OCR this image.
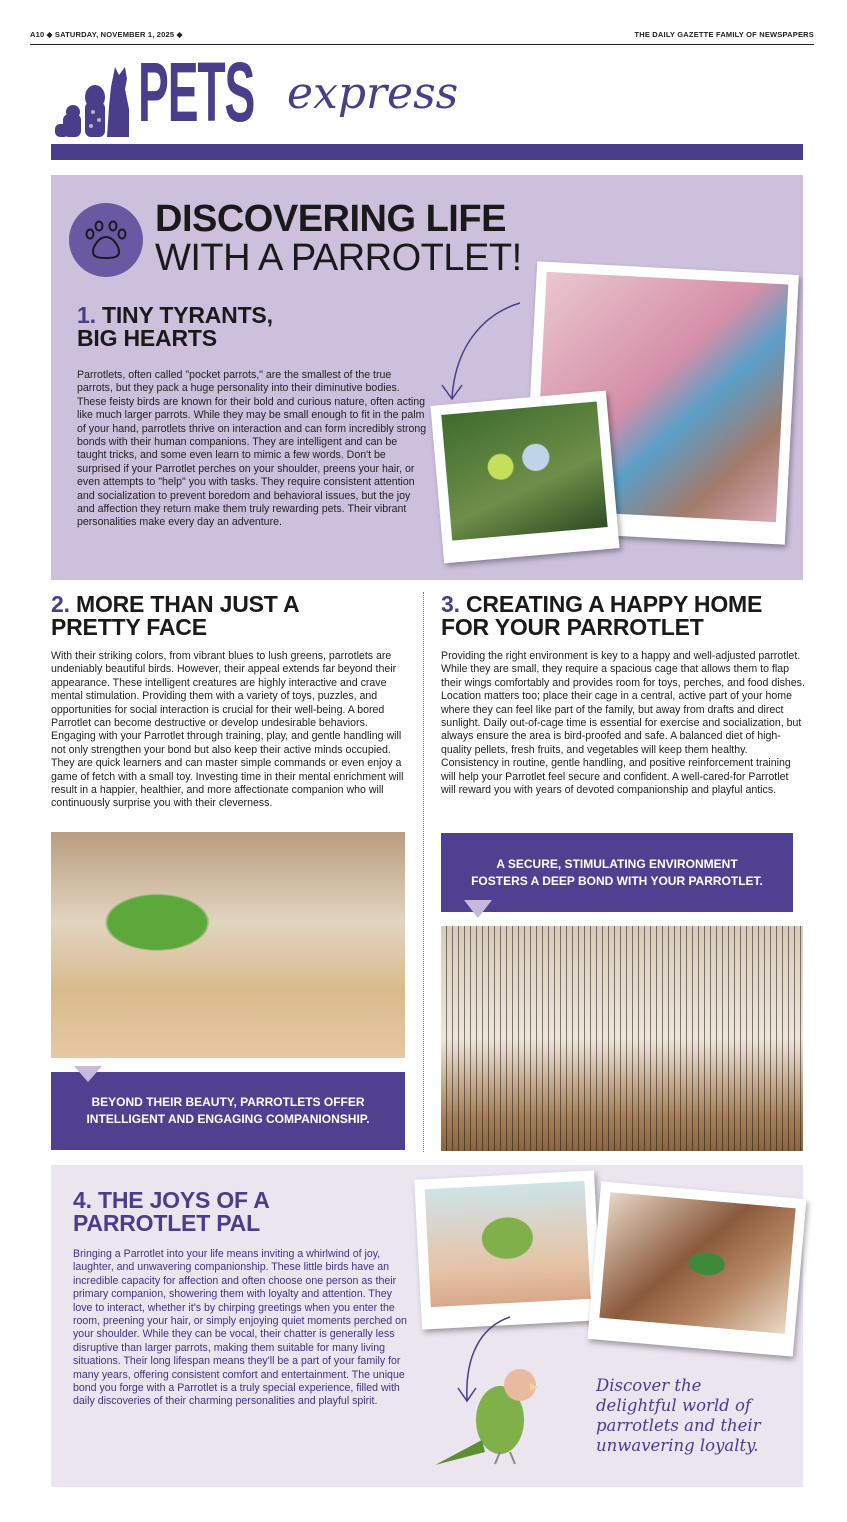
A10 ◆ SATURDAY, NOVEMBER 1, 2025 ◆	THE DAILY GAZETTE FAMILY OF NEWSPAPERS
PETS express
DISCOVERING LIFE
WITH A PARROTLET!
1. TINY TYRANTS,
BIG HEARTS

Parrotlets, often called "pocket parrots," are the smallest of the true parrots, but they pack a huge personality into their diminutive bodies. These feisty birds are known for their bold and curious nature, often acting like much larger parrots. While they may be small enough to fit in the palm of your hand, parrotlets thrive on interaction and can form incredibly strong bonds with their human companions. They are intelligent and can be taught tricks, and some even learn to mimic a few words. Don't be surprised if your Parrotlet perches on your shoulder, preens your hair, or even attempts to "help" you with tasks. They require consistent attention and socialization to prevent boredom and behavioral issues, but the joy and affection they return make them truly rewarding pets. Their vibrant personalities make every day an adventure.

2. MORE THAN JUST A
PRETTY FACE

With their striking colors, from vibrant blues to lush greens, parrotlets are undeniably beautiful birds. However, their appeal extends far beyond their appearance. These intelligent creatures are highly interactive and crave mental stimulation. Providing them with a variety of toys, puzzles, and opportunities for social interaction is crucial for their well-being. A bored Parrotlet can become destructive or develop undesirable behaviors. Engaging with your Parrotlet through training, play, and gentle handling will not only strengthen your bond but also keep their active minds occupied. They are quick learners and can master simple commands or even enjoy a game of fetch with a small toy. Investing time in their mental enrichment will result in a happier, healthier, and more affectionate companion who will continuously surprise you with their cleverness.

BEYOND THEIR BEAUTY, PARROTLETS OFFER INTELLIGENT AND ENGAGING COMPANIONSHIP.
3. CREATING A HAPPY HOME
FOR YOUR PARROTLET

Providing the right environment is key to a happy and well-adjusted parrotlet. While they are small, they require a spacious cage that allows them to flap their wings comfortably and provides room for toys, perches, and food dishes. Location matters too; place their cage in a central, active part of your home where they can feel like part of the family, but away from drafts and direct sunlight. Daily out-of-cage time is essential for exercise and socialization, but always ensure the area is bird-proofed and safe. A balanced diet of high-quality pellets, fresh fruits, and vegetables will keep them healthy. Consistency in routine, gentle handling, and positive reinforcement training will help your Parrotlet feel secure and confident. A well-cared-for Parrotlet will reward you with years of devoted companionship and playful antics.

A SECURE, STIMULATING ENVIRONMENT FOSTERS A DEEP BOND WITH YOUR PARROTLET.
4. THE JOYS OF A
PARROTLET PAL

Bringing a Parrotlet into your life means inviting a whirlwind of joy, laughter, and unwavering companionship. These little birds have an incredible capacity for affection and often choose one person as their primary companion, showering them with loyalty and attention. They love to interact, whether it's by chirping greetings when you enter the room, preening your hair, or simply enjoying quiet moments perched on your shoulder. While they can be vocal, their chatter is generally less disruptive than larger parrots, making them suitable for many living situations. Their long lifespan means they'll be a part of your family for many years, offering consistent comfort and entertainment. The unique bond you forge with a Parrotlet is a truly special experience, filled with daily discoveries of their charming personalities and playful spirit.

Discover the delightful world of parrotlets and their unwavering loyalty.
